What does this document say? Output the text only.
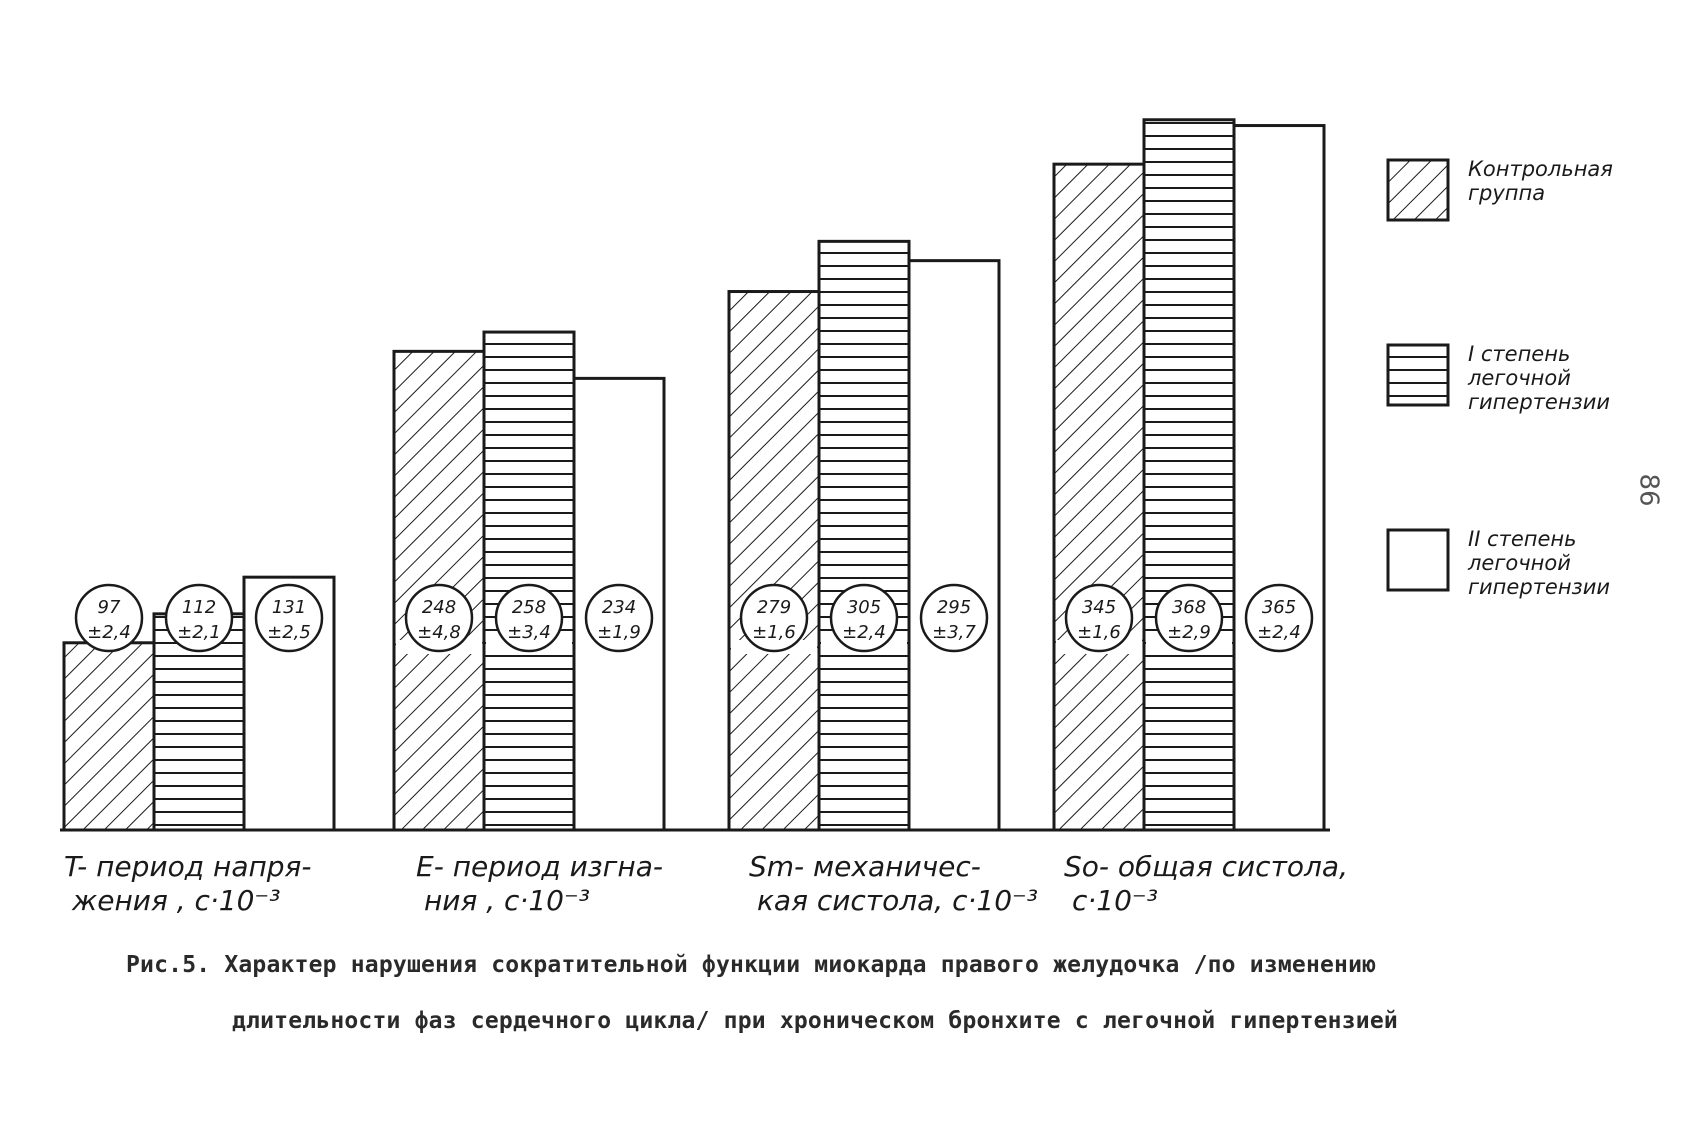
97
±2,4
248
±4,8
279
±1,6
345
±1,6
112
±2,1
258
±3,4
305
±2,4
368
±2,9
131
±2,5
234
±1,9
295
±3,7
365
±2,4
T- период напря-
жения , с·10⁻³
E- период изгна-
ния , с·10⁻³
Sm- механичес-
кая систола, с·10⁻³
So- общая систола,
с·10⁻³
Контрольная
группа
I степень
легочной
гипертензии
II степень
легочной
гипертензии
Рис.5. Характер нарушения сократительной функции миокарда правого желудочка /по изменению
длительности фаз сердечного цикла/ при хроническом бронхите с легочной гипертензией
86
